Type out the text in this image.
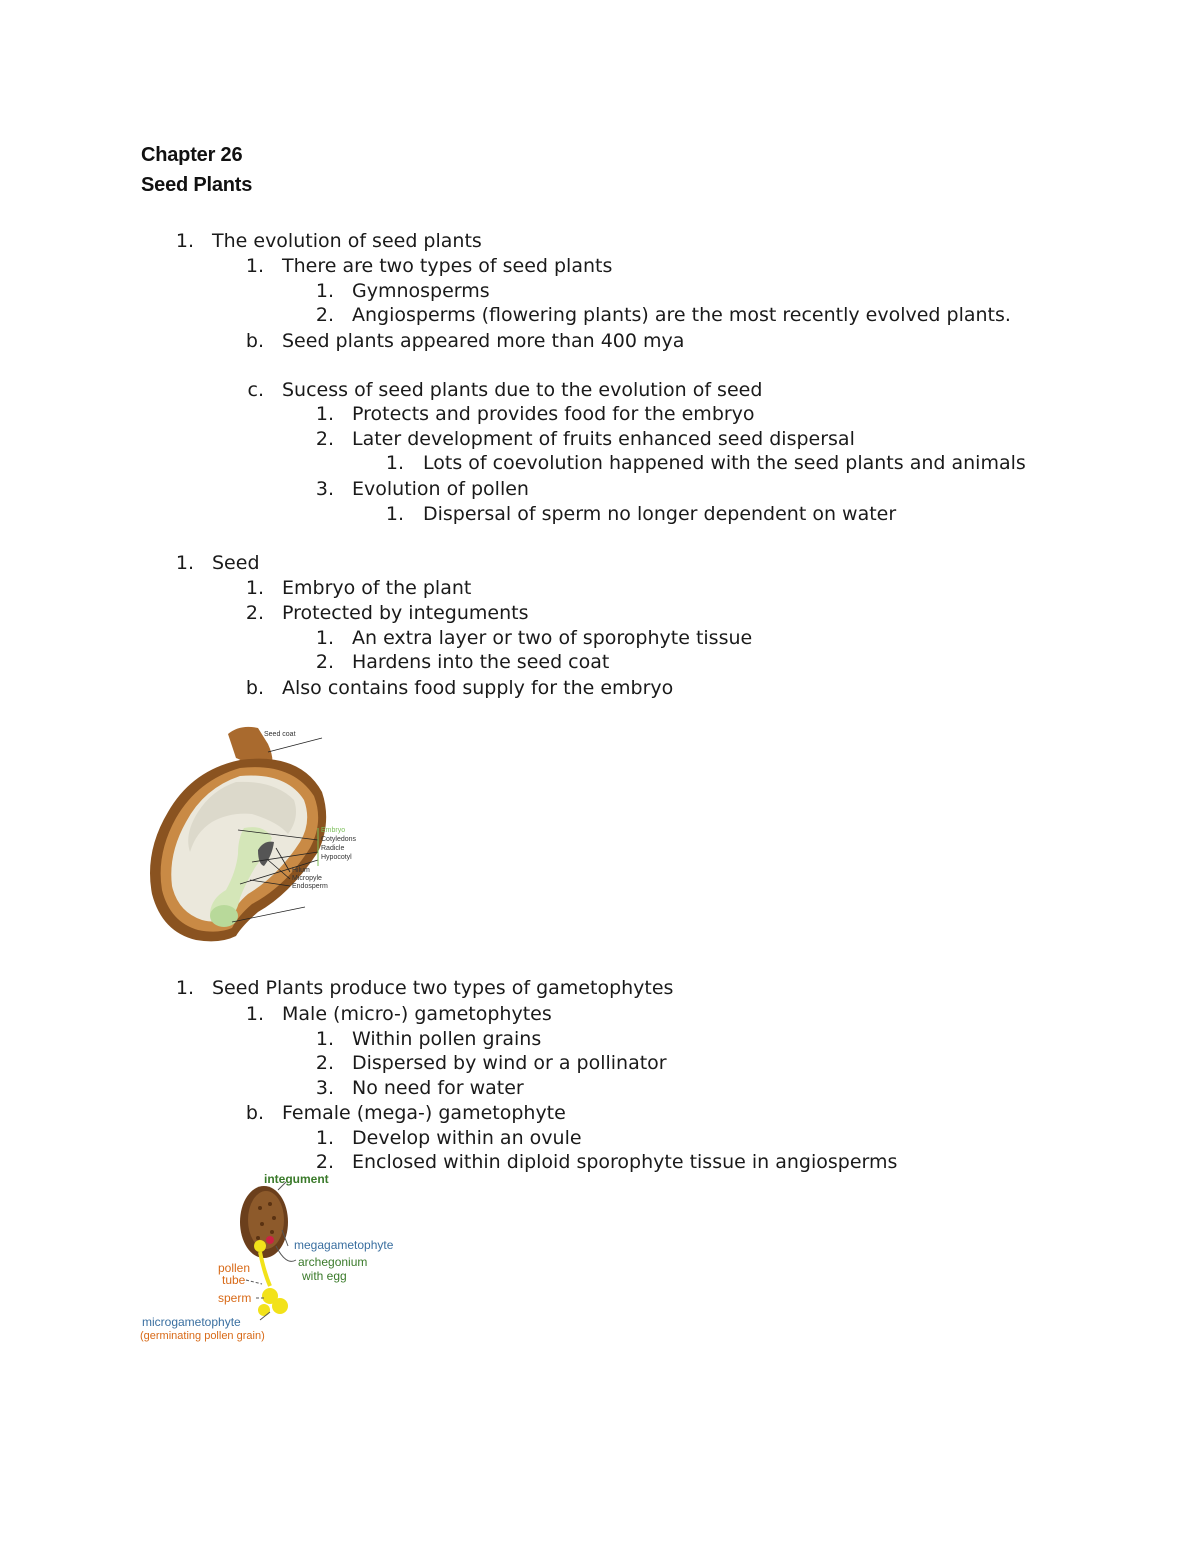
Chapter 26
Seed Plants
1. The evolution of seed plants
1. There are two types of seed plants
1. Gymnosperms
2. Angiosperms (flowering plants) are the most recently evolved plants.
b. Seed plants appeared more than 400 mya
c. Sucess of seed plants due to the evolution of seed
1. Protects and provides food for the embryo
2. Later development of fruits enhanced seed dispersal
1. Lots of coevolution happened with the seed plants and animals
3. Evolution of pollen
1. Dispersal of sperm no longer dependent on water
1. Seed
1. Embryo of the plant
2. Protected by integuments
1. An extra layer or two of sporophyte tissue
2. Hardens into the seed coat
b. Also contains food supply for the embryo
Seed coat
Embryo
Cotyledons
Radicle
Hypocotyl
Hilum
Micropyle
Endosperm
1. Seed Plants produce two types of gametophytes
1. Male (micro-) gametophytes
1. Within pollen grains
2. Dispersed by wind or a pollinator
3. No need for water
b. Female (mega-) gametophyte
1. Develop within an ovule
2. Enclosed within diploid sporophyte tissue in angiosperms
integument
megagametophyte
archegonium
with egg
pollen
tube
sperm
microgametophyte
(germinating pollen grain)
